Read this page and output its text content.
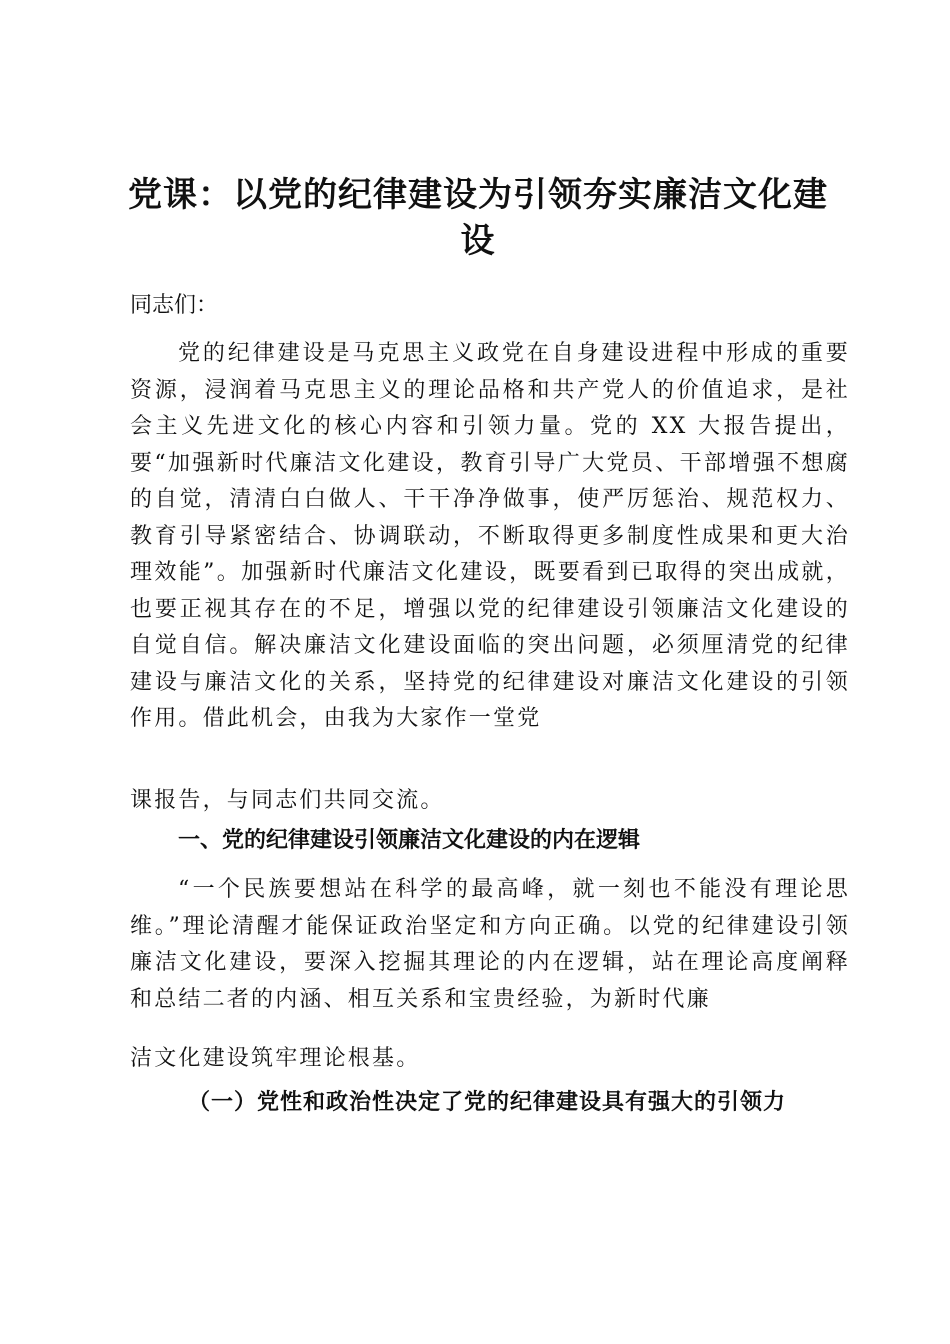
党课：以党的纪律建设为引领夯实廉洁文化建设
同志们：
党的纪律建设是马克思主义政党在自身建设进程中形成的重要资源，浸润着马克思主义的理论品格和共产党人的价值追求，是社会主义先进文化的核心内容和引领力量。党的 XX 大报告提出，要“加强新时代廉洁文化建设，教育引导广大党员、干部增强不想腐的自觉，清清白白做人、干干净净做事，使严厉惩治、规范权力、教育引导紧密结合、协调联动，不断取得更多制度性成果和更大治理效能”。加强新时代廉洁文化建设，既要看到已取得的突出成就，也要正视其存在的不足，增强以党的纪律建设引领廉洁文化建设的自觉自信。解决廉洁文化建设面临的突出问题，必须厘清党的纪律建设与廉洁文化的关系，坚持党的纪律建设对廉洁文化建设的引领作用。借此机会，由我为大家作一堂党
课报告，与同志们共同交流。
一、党的纪律建设引领廉洁文化建设的内在逻辑
“一个民族要想站在科学的最高峰，就一刻也不能没有理论思维。”理论清醒才能保证政治坚定和方向正确。以党的纪律建设引领廉洁文化建设，要深入挖掘其理论的内在逻辑，站在理论高度阐释和总结二者的内涵、相互关系和宝贵经验，为新时代廉
洁文化建设筑牢理论根基。
（一）党性和政治性决定了党的纪律建设具有强大的引领力
